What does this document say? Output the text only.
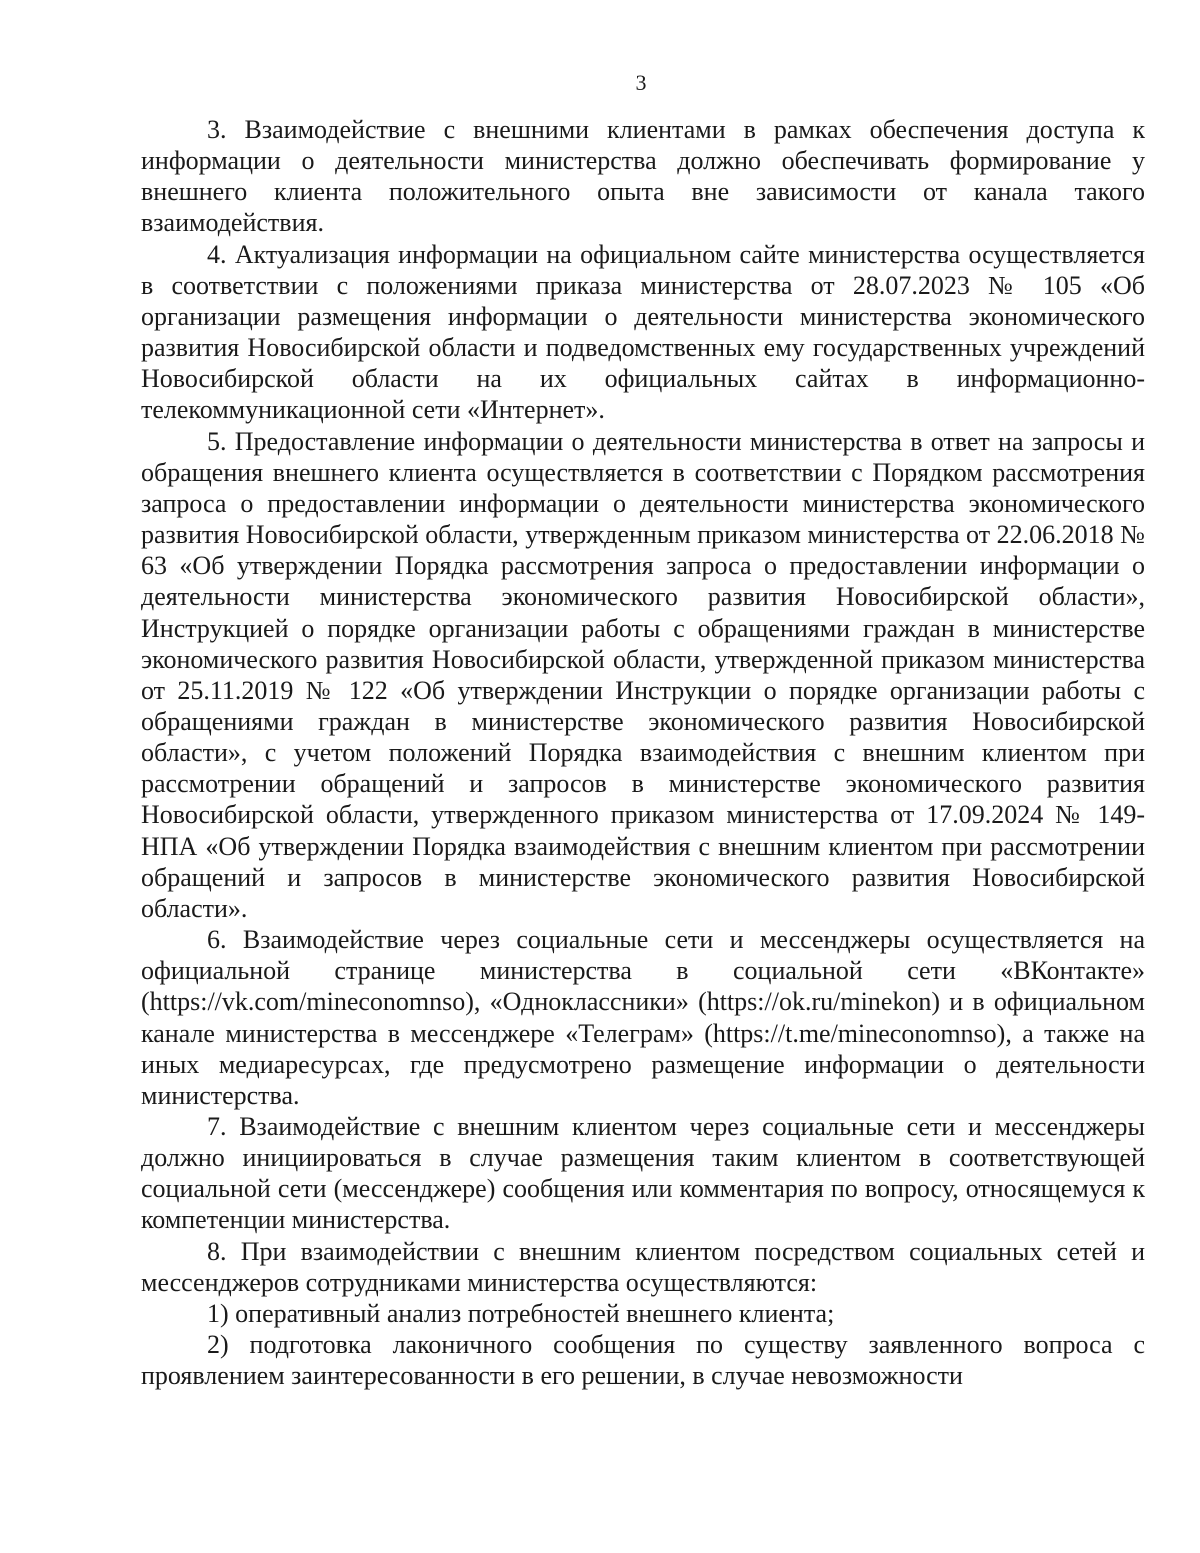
3

3. Взаимодействие с внешними клиентами в рамках обеспечения доступа к информации о деятельности министерства должно обеспечивать формирование у внешнего клиента положительного опыта вне зависимости от канала такого взаимодействия.

4. Актуализация информации на официальном сайте министерства осуществляется в соответствии с положениями приказа министерства от 28.07.2023 № 105 «Об организации размещения информации о деятельности министерства экономического развития Новосибирской области и подведомственных ему государственных учреждений Новосибирской области на их официальных сайтах в информационно-телекоммуникационной сети «Интернет».

5. Предоставление информации о деятельности министерства в ответ на запросы и обращения внешнего клиента осуществляется в соответствии с Порядком рассмотрения запроса о предоставлении информации о деятельности министерства экономического развития Новосибирской области, утвержденным приказом министерства от 22.06.2018 № 63 «Об утверждении Порядка рассмотрения запроса о предоставлении информации о деятельности министерства экономического развития Новосибирской области», Инструкцией о порядке организации работы с обращениями граждан в министерстве экономического развития Новосибирской области, утвержденной приказом министерства от 25.11.2019 № 122 «Об утверждении Инструкции о порядке организации работы с обращениями граждан в министерстве экономического развития Новосибирской области», с учетом положений Порядка взаимодействия с внешним клиентом при рассмотрении обращений и запросов в министерстве экономического развития Новосибирской области, утвержденного приказом министерства от 17.09.2024 № 149-НПА «Об утверждении Порядка взаимодействия с внешним клиентом при рассмотрении обращений и запросов в министерстве экономического развития Новосибирской области».

6. Взаимодействие через социальные сети и мессенджеры осуществляется на официальной странице министерства в социальной сети «ВКонтакте» (https://vk.com/mineconomnso), «Одноклассники» (https://ok.ru/minekon) и в официальном канале министерства в мессенджере «Телеграм» (https://t.me/mineconomnso), а также на иных медиаресурсах, где предусмотрено размещение информации о деятельности министерства.

7. Взаимодействие с внешним клиентом через социальные сети и мессенджеры должно инициироваться в случае размещения таким клиентом в соответствующей социальной сети (мессенджере) сообщения или комментария по вопросу, относящемуся к компетенции министерства.

8. При взаимодействии с внешним клиентом посредством социальных сетей и мессенджеров сотрудниками министерства осуществляются:

1) оперативный анализ потребностей внешнего клиента;

2) подготовка лаконичного сообщения по существу заявленного вопроса с проявлением заинтересованности в его решении, в случае невозможности
